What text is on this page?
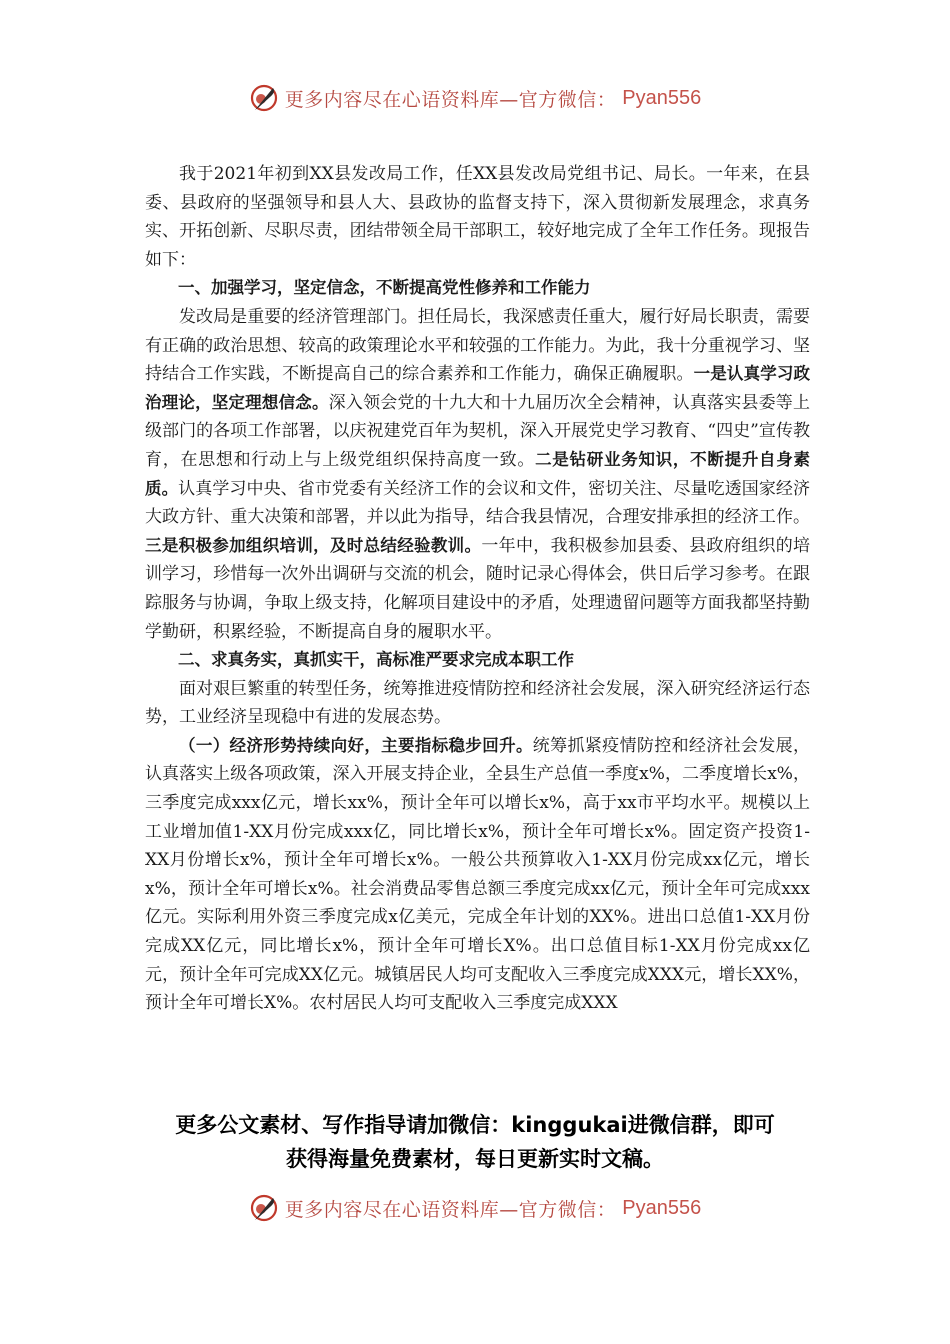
更多内容尽在心语资料库—官方微信： Pyan556

我于2021年初到XX县发改局工作，任XX县发改局党组书记、局长。一年来，在县委、县政府的坚强领导和县人大、县政协的监督支持下，深入贯彻新发展理念，求真务实、开拓创新、尽职尽责，团结带领全局干部职工，较好地完成了全年工作任务。现报告如下：

一、加强学习，坚定信念，不断提高党性修养和工作能力

发改局是重要的经济管理部门。担任局长，我深感责任重大，履行好局长职责，需要有正确的政治思想、较高的政策理论水平和较强的工作能力。为此，我十分重视学习、坚持结合工作实践，不断提高自己的综合素养和工作能力，确保正确履职。一是认真学习政治理论，坚定理想信念。深入领会党的十九大和十九届历次全会精神，认真落实县委等上级部门的各项工作部署，以庆祝建党百年为契机，深入开展党史学习教育、“四史”宣传教育，在思想和行动上与上级党组织保持高度一致。二是钻研业务知识，不断提升自身素质。认真学习中央、省市党委有关经济工作的会议和文件，密切关注、尽量吃透国家经济大政方针、重大决策和部署，并以此为指导，结合我县情况，合理安排承担的经济工作。三是积极参加组织培训，及时总结经验教训。一年中，我积极参加县委、县政府组织的培训学习，珍惜每一次外出调研与交流的机会，随时记录心得体会，供日后学习参考。在跟踪服务与协调，争取上级支持，化解项目建设中的矛盾，处理遗留问题等方面我都坚持勤学勤研，积累经验，不断提高自身的履职水平。

二、求真务实，真抓实干，高标准严要求完成本职工作

面对艰巨繁重的转型任务，统筹推进疫情防控和经济社会发展，深入研究经济运行态势，工业经济呈现稳中有进的发展态势。

（一）经济形势持续向好，主要指标稳步回升。统筹抓紧疫情防控和经济社会发展，认真落实上级各项政策，深入开展支持企业，全县生产总值一季度x%，二季度增长x%，三季度完成xxx亿元，增长xx%，预计全年可以增长x%，高于xx市平均水平。规模以上工业增加值1-XX月份完成xxx亿，同比增长x%，预计全年可增长x%。固定资产投资1-XX月份增长x%，预计全年可增长x%。一般公共预算收入1-XX月份完成xx亿元，增长x%，预计全年可增长x%。社会消费品零售总额三季度完成xx亿元，预计全年可完成xxx亿元。实际利用外资三季度完成x亿美元，完成全年计划的XX%。进出口总值1-XX月份完成XX亿元，同比增长x%，预计全年可增长X%。出口总值目标1-XX月份完成xx亿元，预计全年可完成XX亿元。城镇居民人均可支配收入三季度完成XXX元，增长XX%，预计全年可增长X%。农村居民人均可支配收入三季度完成XXX

更多公文素材、写作指导请加微信：kinggukai进微信群，即可
获得海量免费素材，每日更新实时文稿。
更多内容尽在心语资料库—官方微信： Pyan556
